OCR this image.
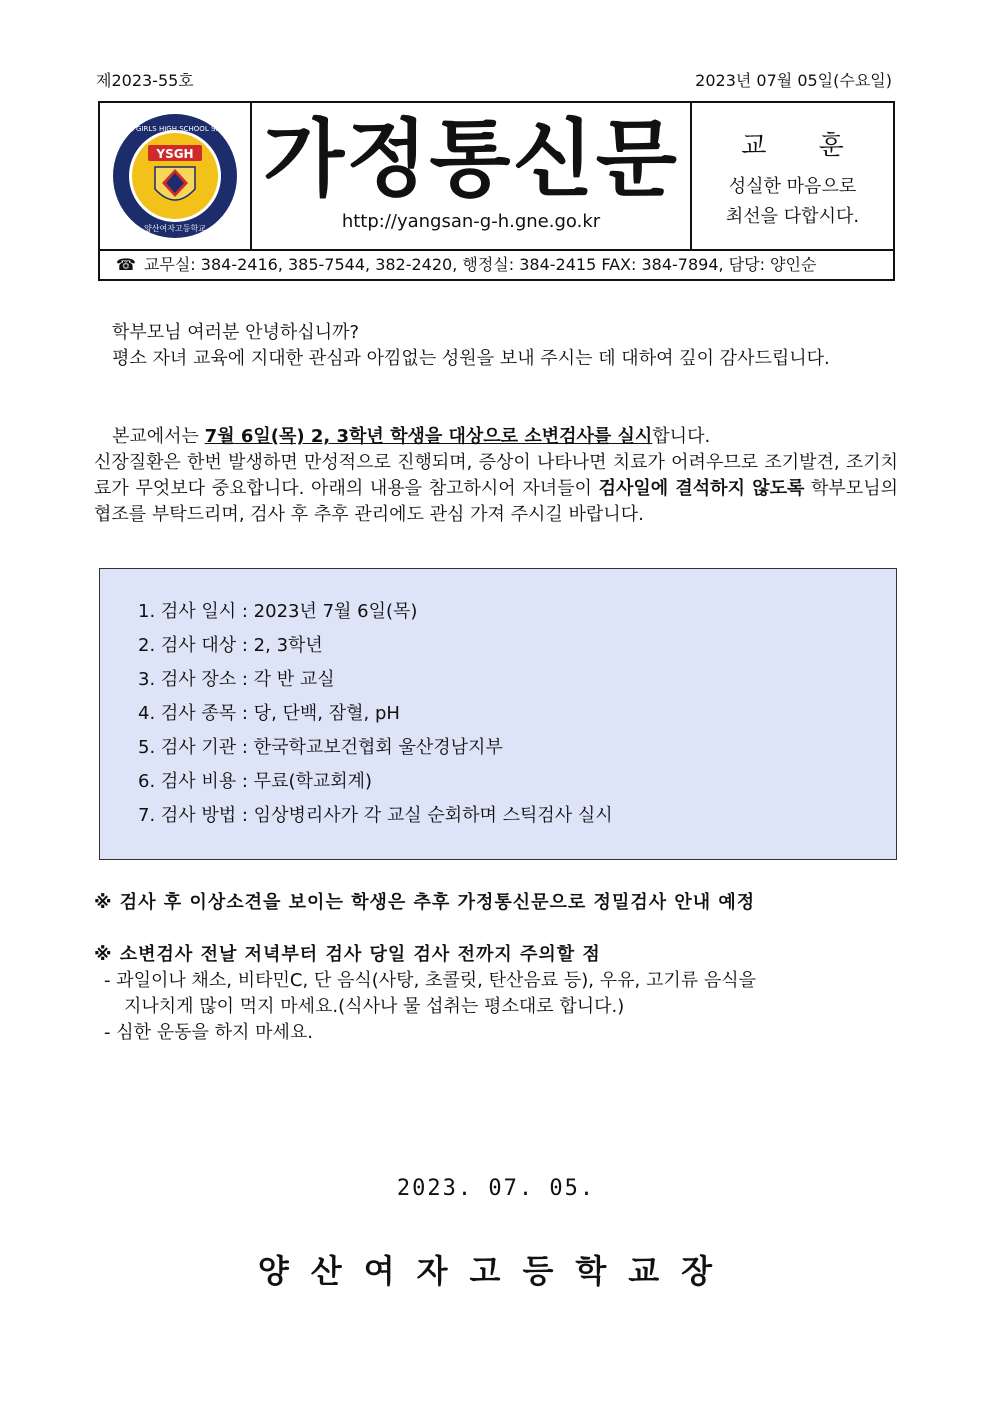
제2023-55호	2023년 07월 05일(수요일)
YSGH
YANGSAN GIRLS HIGH SCHOOL Since 1972
양산여자고등학교
가정통신문
http://yangsan-g-h.gne.go.kr
교 훈
성실한 마음으로
최선을 다합시다.
☎ 교무실: 384-2416, 385-7544, 382-2420, 행정실: 384-2415 FAX: 384-7894, 담당: 양인순
학부모님 여러분 안녕하십니까?
평소 자녀 교육에 지대한 관심과 아낌없는 성원을 보내 주시는 데 대하여 깊이 감사드립니다.
본교에서는 7월 6일(목) 2, 3학년 학생을 대상으로 소변검사를 실시합니다.
신장질환은 한번 발생하면 만성적으로 진행되며, 증상이 나타나면 치료가 어려우므로 조기발견, 조기치료가 무엇보다 중요합니다. 아래의 내용을 참고하시어 자녀들이 검사일에 결석하지 않도록 학부모님의 협조를 부탁드리며, 검사 후 추후 관리에도 관심 가져 주시길 바랍니다.
1. 검사 일시 : 2023년 7월 6일(목)
2. 검사 대상 : 2, 3학년
3. 검사 장소 : 각 반 교실
4. 검사 종목 : 당, 단백, 잠혈, pH
5. 검사 기관 : 한국학교보건협회 울산경남지부
6. 검사 비용 : 무료(학교회계)
7. 검사 방법 : 임상병리사가 각 교실 순회하며 스틱검사 실시
※ 검사 후 이상소견을 보이는 학생은 추후 가정통신문으로 정밀검사 안내 예정
※ 소변검사 전날 저녁부터 검사 당일 검사 전까지 주의할 점
- 과일이나 채소, 비타민C, 단 음식(사탕, 초콜릿, 탄산음료 등), 우유, 고기류 음식을
지나치게 많이 먹지 마세요.(식사나 물 섭취는 평소대로 합니다.)
- 심한 운동을 하지 마세요.
2023. 07. 05.
양산여자고등학교장
